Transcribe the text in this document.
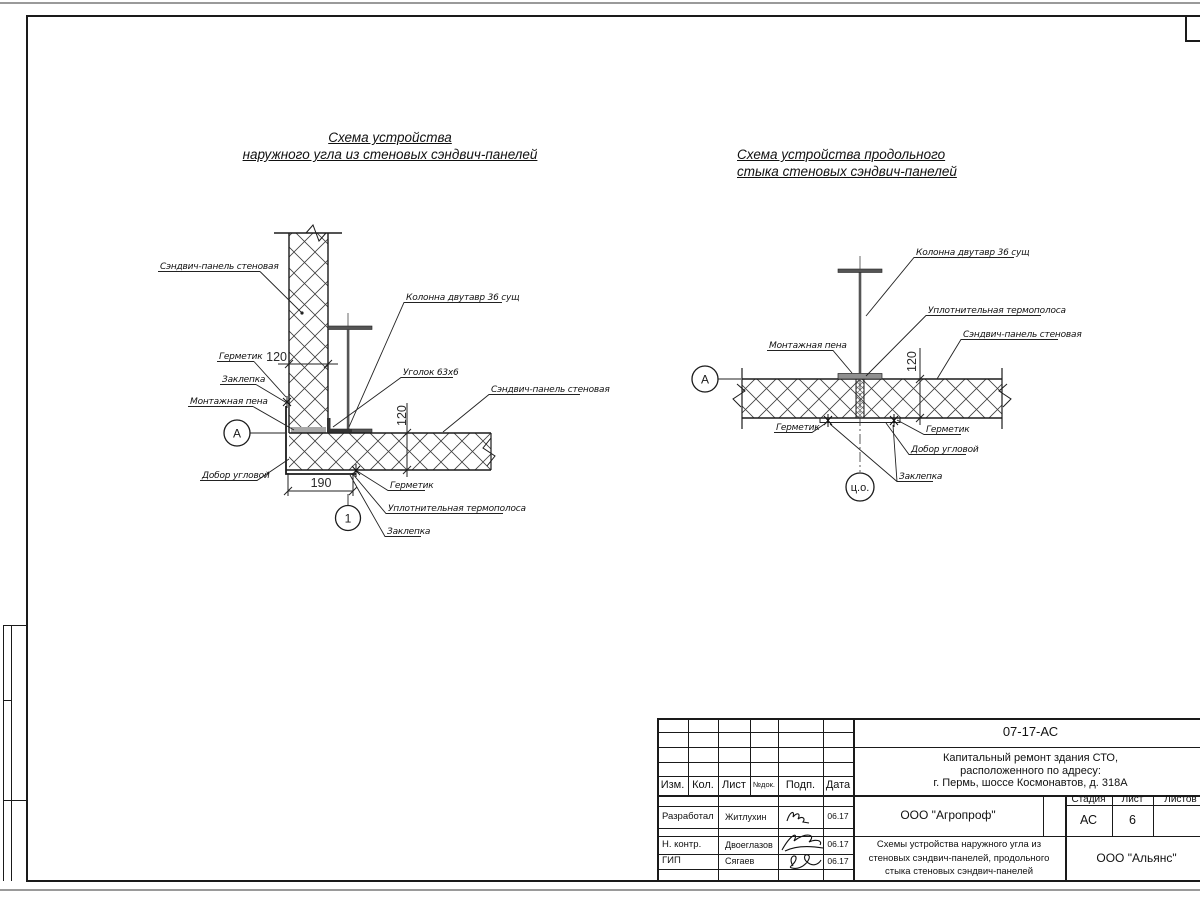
Схема устройства
наружного угла из стеновых сэндвич-панелей	Схема устройства продольного
стыка стеновых сэндвич-панелей
120
120
190
А
1
Сэндвич-панель стеновая
Колонна двутавр 36 сущ
Уголок 63х6
Сэндвич-панель стеновая
Герметик
Заклепка
Монтажная пена
Добор угловой
Герметик
Уплотнительная термополоса
Заклепка
ц.о.
А
120
Колонна двутавр 36 сущ
Уплотнительная термополоса
Сэндвич-панель стеновая
Монтажная пена
Герметик	Герметик
Добор угловой
Заклепка
Изм. Кол. Лист №док. Подп. Дата
07-17-АС
Капитальный ремонт здания СТО,
расположенного по адресу:
г. Пермь, шоссе Космонавтов, д. 318А
ООО "Агропроф"
Стадия	Лист	Листов
АС	6
Схемы устройства наружного угла из
стеновых сэндвич-панелей, продольного
стыка стеновых сэндвич-панелей
ООО "Альянс"
Разработал	Житлухин	06.17
Н. контр.	Двоеглазов	06.17
ГИП	Сягаев	06.17
